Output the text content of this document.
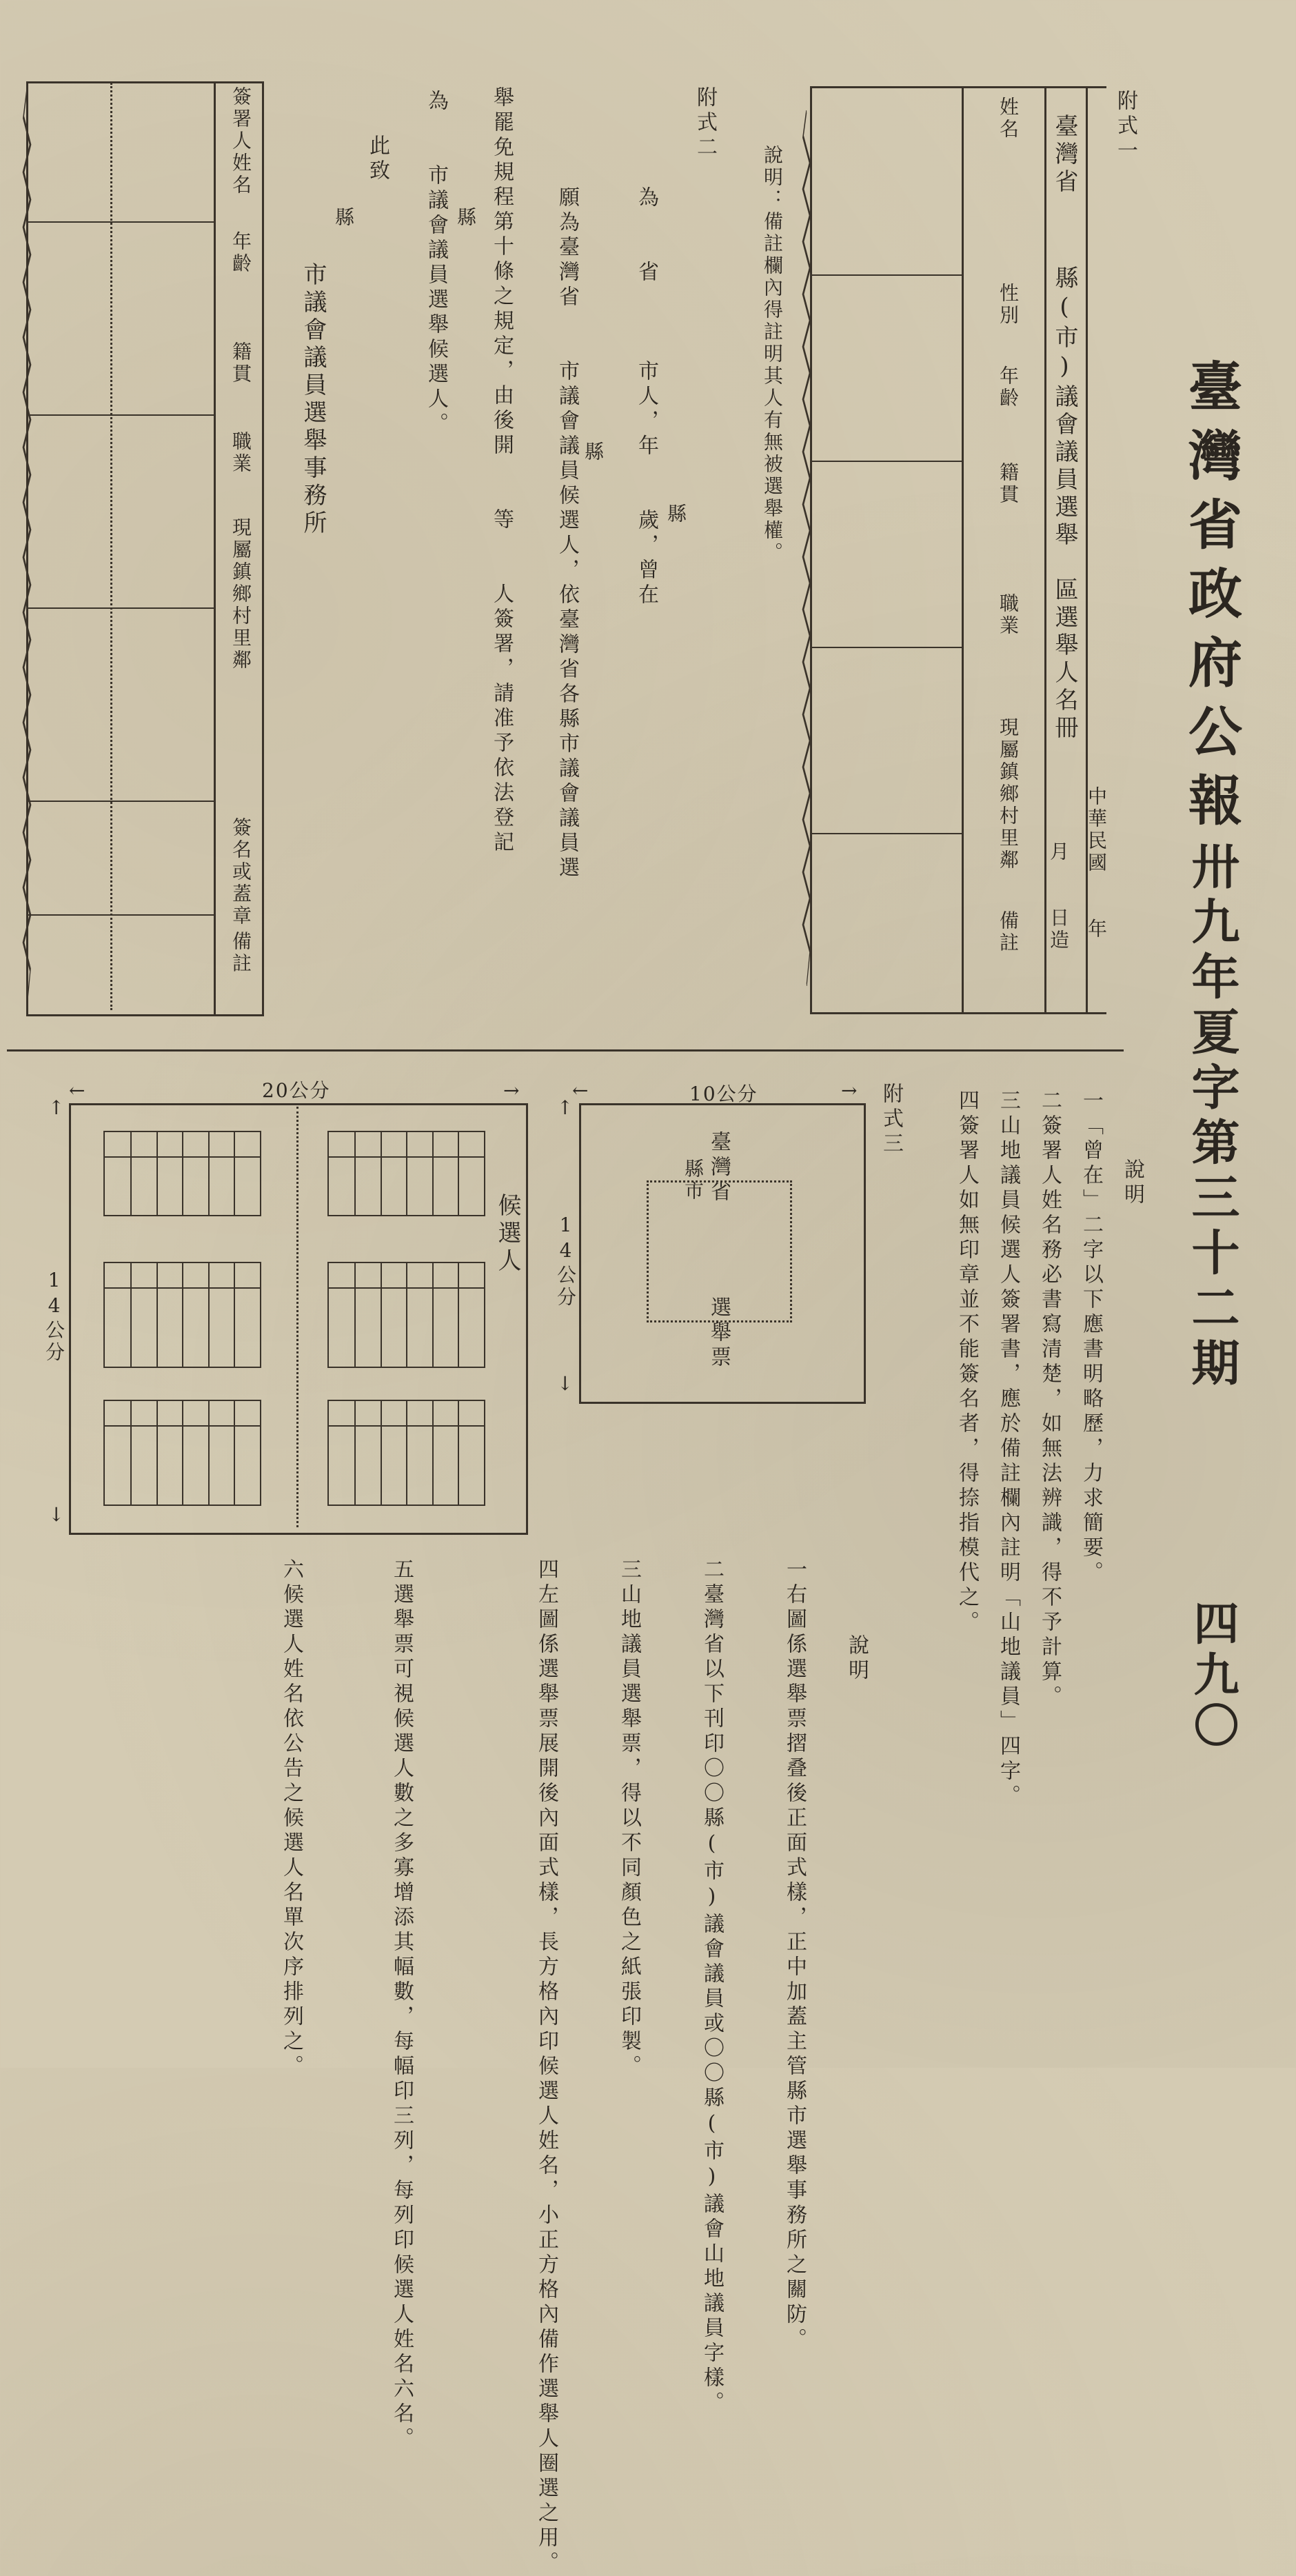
臺灣省政府公報
卅九年夏字第三十二期
四九〇
附式一
臺灣省
縣(市)議會議員選舉　區選舉人名冊
中華民國　　年
月　　日造
姓名
性別
年齡
籍貫
職業
現屬鎮鄉村里鄰
備註
說明：備註欄內得註明其人有無被選舉權。
附式二
為　　省　　　市人，年　　歲，曾在 縣
願為臺灣省　　市議會議員候選人，依臺灣省各縣市議會議員選 縣
舉罷免規程第十條之規定，由後開　　等　　人簽署，請准予依法登記
為　　市議會議員選舉候選人。 縣
此致
　　市議會議員選舉事務所 縣
簽署人姓名
年齡
籍貫
職業
現屬鎮鄉村里鄰
簽名或蓋章
備註
說明
一「曾在」二字以下應書明略歷，力求簡要。
二簽署人姓名務必書寫清楚，如無法辨識，得不予計算。
三山地議員候選人簽署書，應於備註欄內註明「山地議員」四字。
四簽署人如無印章並不能簽名者，得捺指模代之。
附式三
←	→
10公分
↑
↓
14公分
臺灣省
縣市
選舉票
←	→
20公分
↑
↓
14公分
候選人
說明
一右圖係選舉票摺叠後正面式樣，正中加蓋主管縣市選舉事務所之關防。
二臺灣省以下刊印〇〇縣(市)議會議員或〇〇縣(市)議會山地議員字樣。
三山地議員選舉票，得以不同顏色之紙張印製。
四左圖係選舉票展開後內面式樣，長方格內印候選人姓名，小正方格內備作選舉人圈選之用。
五選舉票可視候選人數之多寡增添其幅數，每幅印三列，每列印候選人姓名六名。
六候選人姓名依公告之候選人名單次序排列之。
